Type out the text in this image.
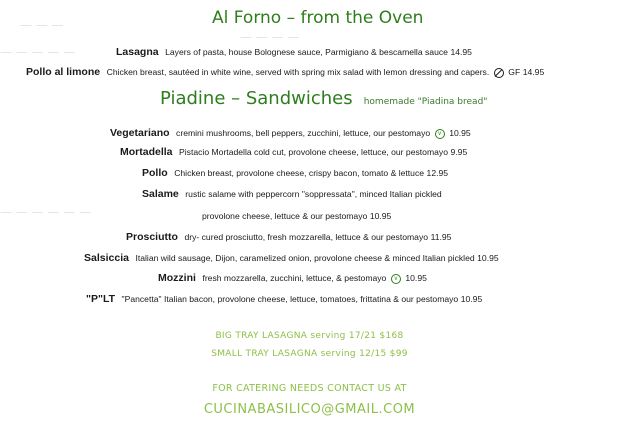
— — —
— — — — —
— — — —
— — — — — —
Al Forno – from the Oven
Lasagna Layers of pasta, house Bolognese sauce, Parmigiano & bescamella sauce 14.95
Pollo al limone Chicken breast, sautéed in white wine, served with spring mix salad with lemon dressing and capers. GF 14.95
Piadine – Sandwiches homemade "Piadina bread"
Vegetariano cremini mushrooms, bell peppers, zucchini, lettuce, our pestomayo v 10.95
Mortadella Pistacio Mortadella cold cut, provolone cheese, lettuce, our pestomayo 9.95
Pollo Chicken breast, provolone cheese, crispy bacon, tomato & lettuce 12.95
Salame rustic salame with peppercorn "soppressata", minced Italian pickled
provolone cheese, lettuce & our pestomayo 10.95
Prosciutto dry- cured prosciutto, fresh mozzarella, lettuce & our pestomayo 11.95
Salsiccia Italian wild sausage, Dijon, caramelized onion, provolone cheese & minced Italian pickled 10.95
Mozzini fresh mozzarella, zucchini, lettuce, & pestomayo v 10.95
"P"LT "Pancetta" Italian bacon, provolone cheese, lettuce, tomatoes, frittatina & our pestomayo 10.95
BIG TRAY LASAGNA serving 17/21 $168
SMALL TRAY LASAGNA serving 12/15 $99
FOR CATERING NEEDS CONTACT US AT
CUCINABASILICO@GMAIL.COM
